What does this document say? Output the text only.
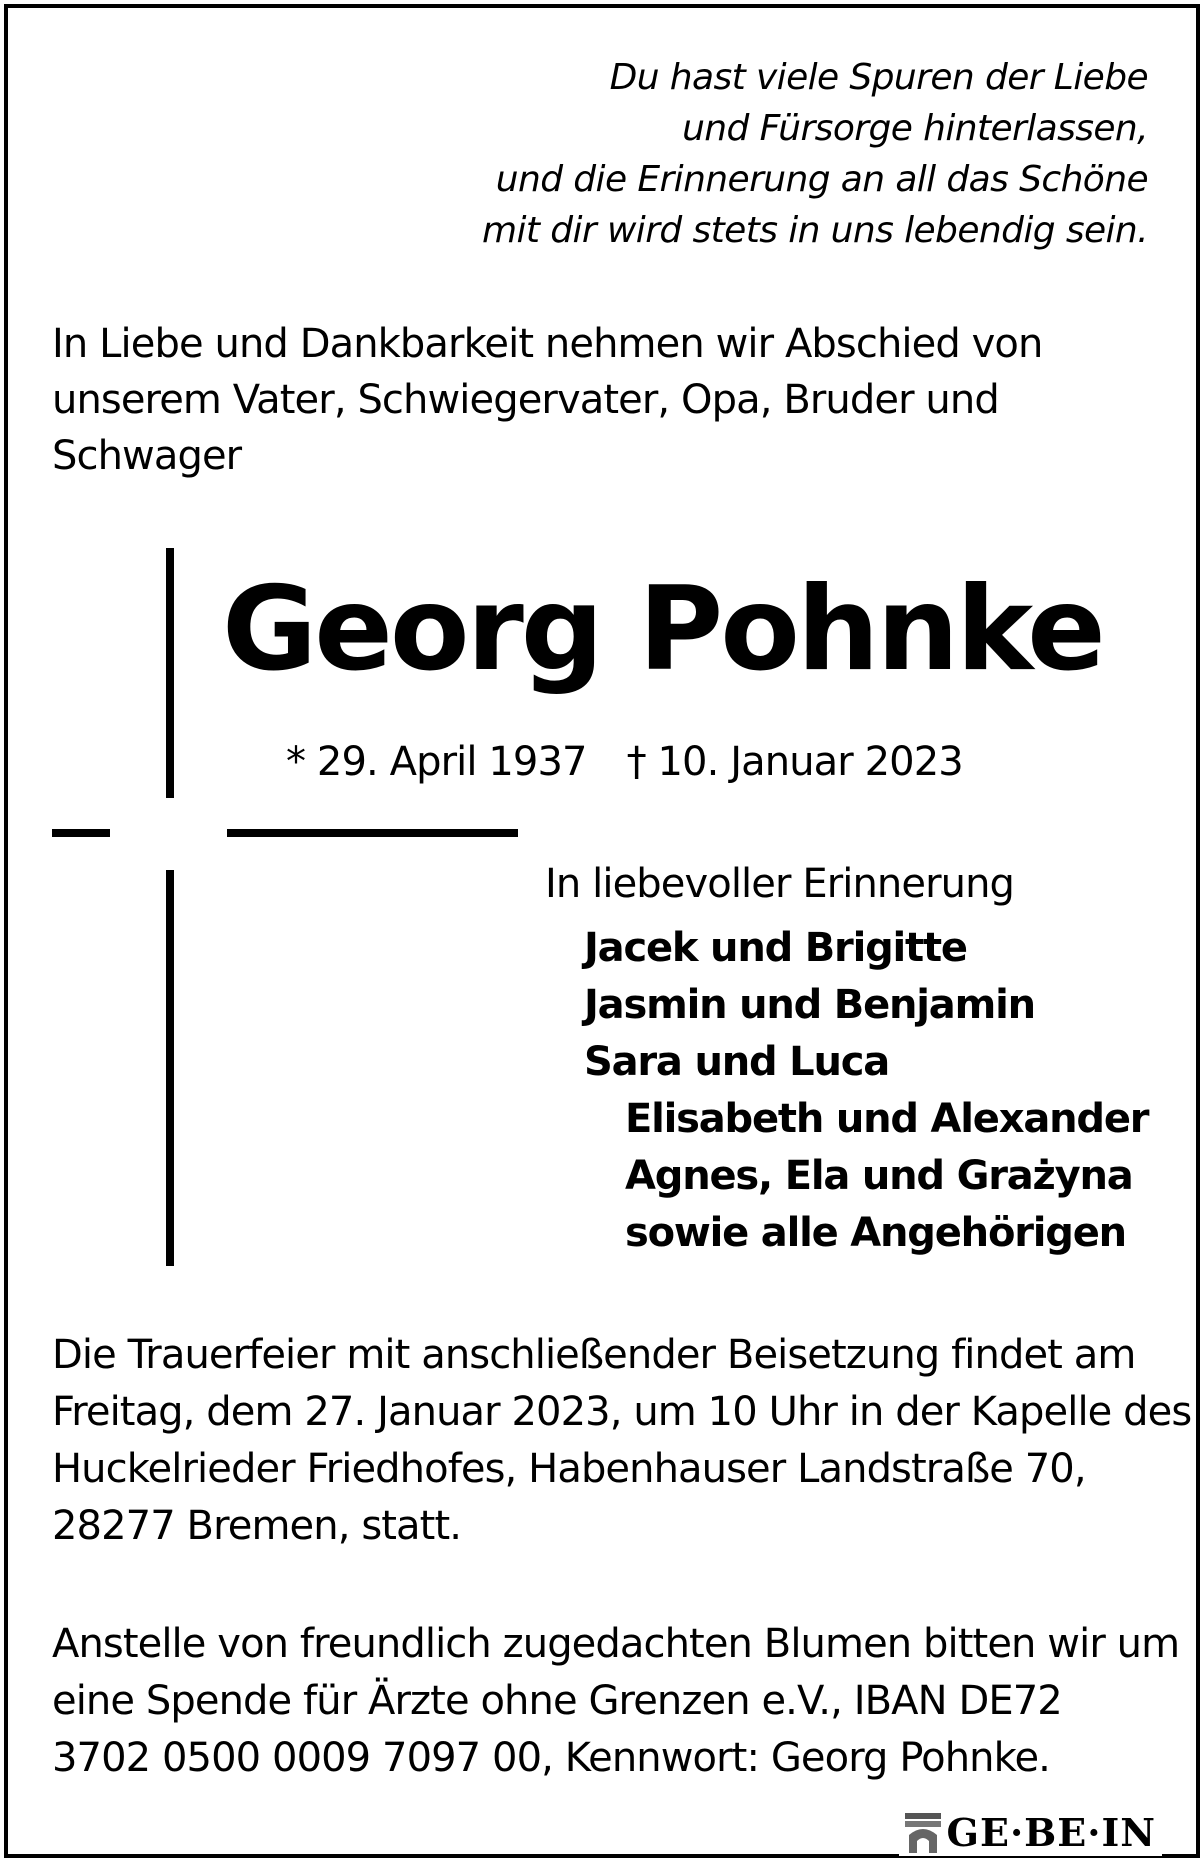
Du hast viele Spuren der Liebe
und Fürsorge hinterlassen,
und die Erinnerung an all das Schöne
mit dir wird stets in uns lebendig sein.
In Liebe und Dankbarkeit nehmen wir Abschied von
unserem Vater, Schwiegervater, Opa, Bruder und
Schwager
Georg Pohnke
* 29. April 1937 † 10. Januar 2023
In liebevoller Erinnerung
Jacek und Brigitte
Jasmin und Benjamin
Sara und Luca
Elisabeth und Alexander
Agnes, Ela und Grażyna
sowie alle Angehörigen
Die Trauerfeier mit anschließender Beisetzung findet am
Freitag, dem 27. Januar 2023, um 10 Uhr in der Kapelle des
Huckelrieder Friedhofes, Habenhauser Landstraße 70,
28277 Bremen, statt.
Anstelle von freundlich zugedachten Blumen bitten wir um
eine Spende für Ärzte ohne Grenzen e.V., IBAN DE72
3702 0500 0009 7097 00, Kennwort: Georg Pohnke.
GE·BE·IN
